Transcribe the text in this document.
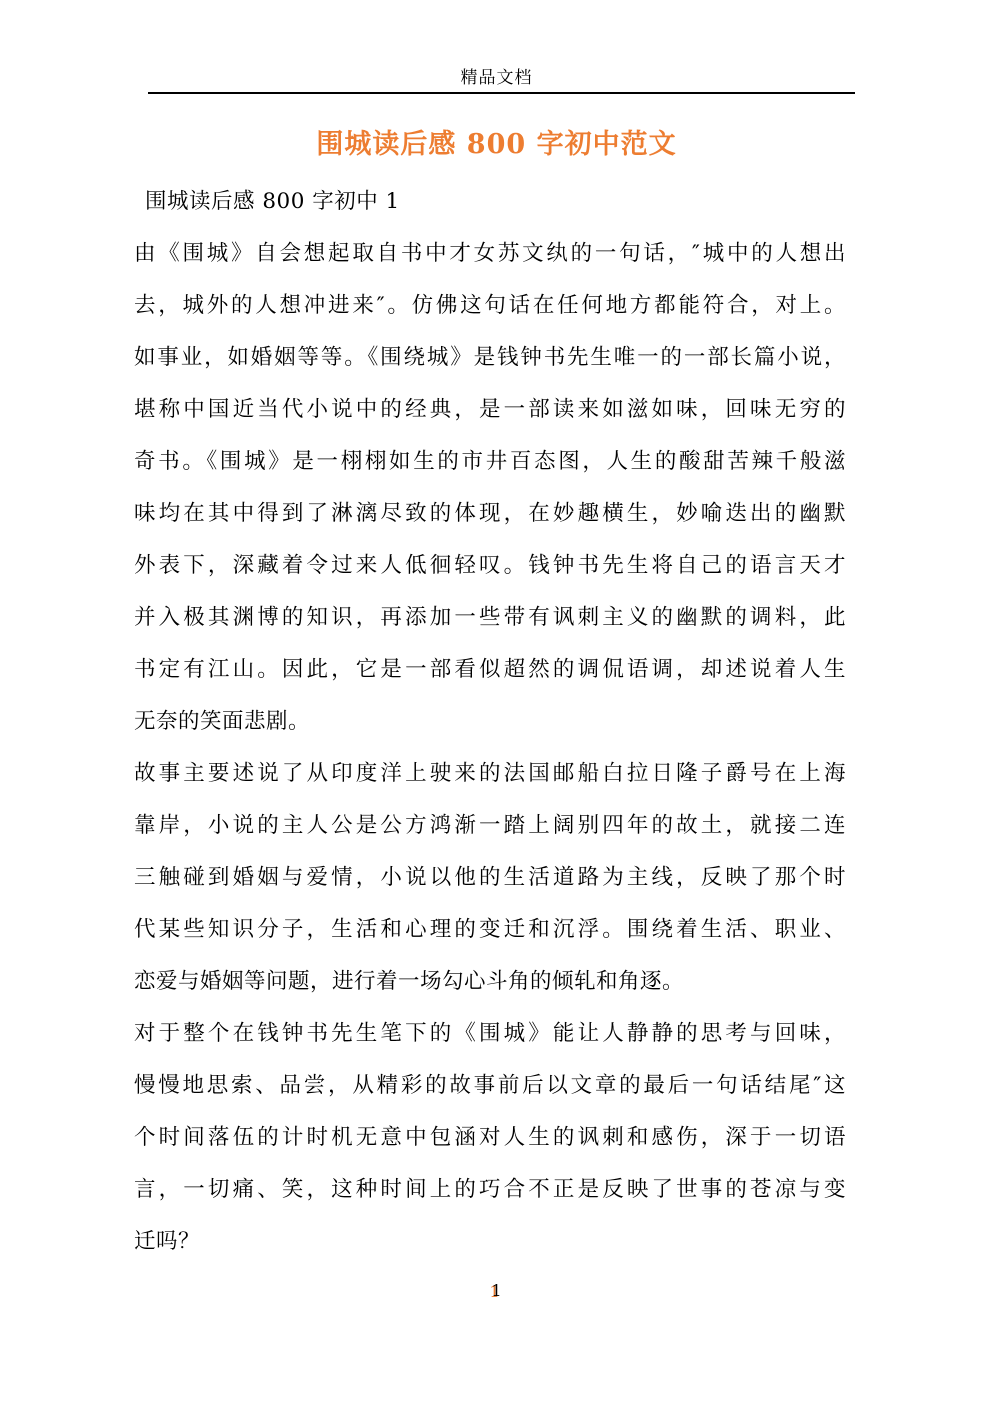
精品文档
围城读后感 800 字初中范文
围城读后感 800 字初中 1
由《围城》自会想起取自书中才女苏文纨的一句话，″城中的人想出
去，城外的人想冲进来″。仿佛这句话在任何地方都能符合，对上。
如事业，如婚姻等等。《围绕城》是钱钟书先生唯一的一部长篇小说，
堪称中国近当代小说中的经典，是一部读来如滋如味，回味无穷的
奇书。《围城》是一栩栩如生的市井百态图，人生的酸甜苦辣千般滋
味均在其中得到了淋漓尽致的体现，在妙趣横生，妙喻迭出的幽默
外表下，深藏着令过来人低徊轻叹。钱钟书先生将自己的语言天才
并入极其渊博的知识，再添加一些带有讽刺主义的幽默的调料，此
书定有江山。因此，它是一部看似超然的调侃语调，却述说着人生
无奈的笑面悲剧。
故事主要述说了从印度洋上驶来的法国邮船白拉日隆子爵号在上海
靠岸，小说的主人公是公方鸿渐一踏上阔别四年的故土，就接二连
三触碰到婚姻与爱情，小说以他的生活道路为主线，反映了那个时
代某些知识分子，生活和心理的变迁和沉浮。围绕着生活、职业、
恋爱与婚姻等问题，进行着一场勾心斗角的倾轧和角逐。
对于整个在钱钟书先生笔下的《围城》能让人静静的思考与回味，
慢慢地思索、品尝，从精彩的故事前后以文章的最后一句话结尾″这
个时间落伍的计时机无意中包涵对人生的讽刺和感伤，深于一切语
言，一切痛、笑，这种时间上的巧合不正是反映了世事的苍凉与变
迁吗？
1
